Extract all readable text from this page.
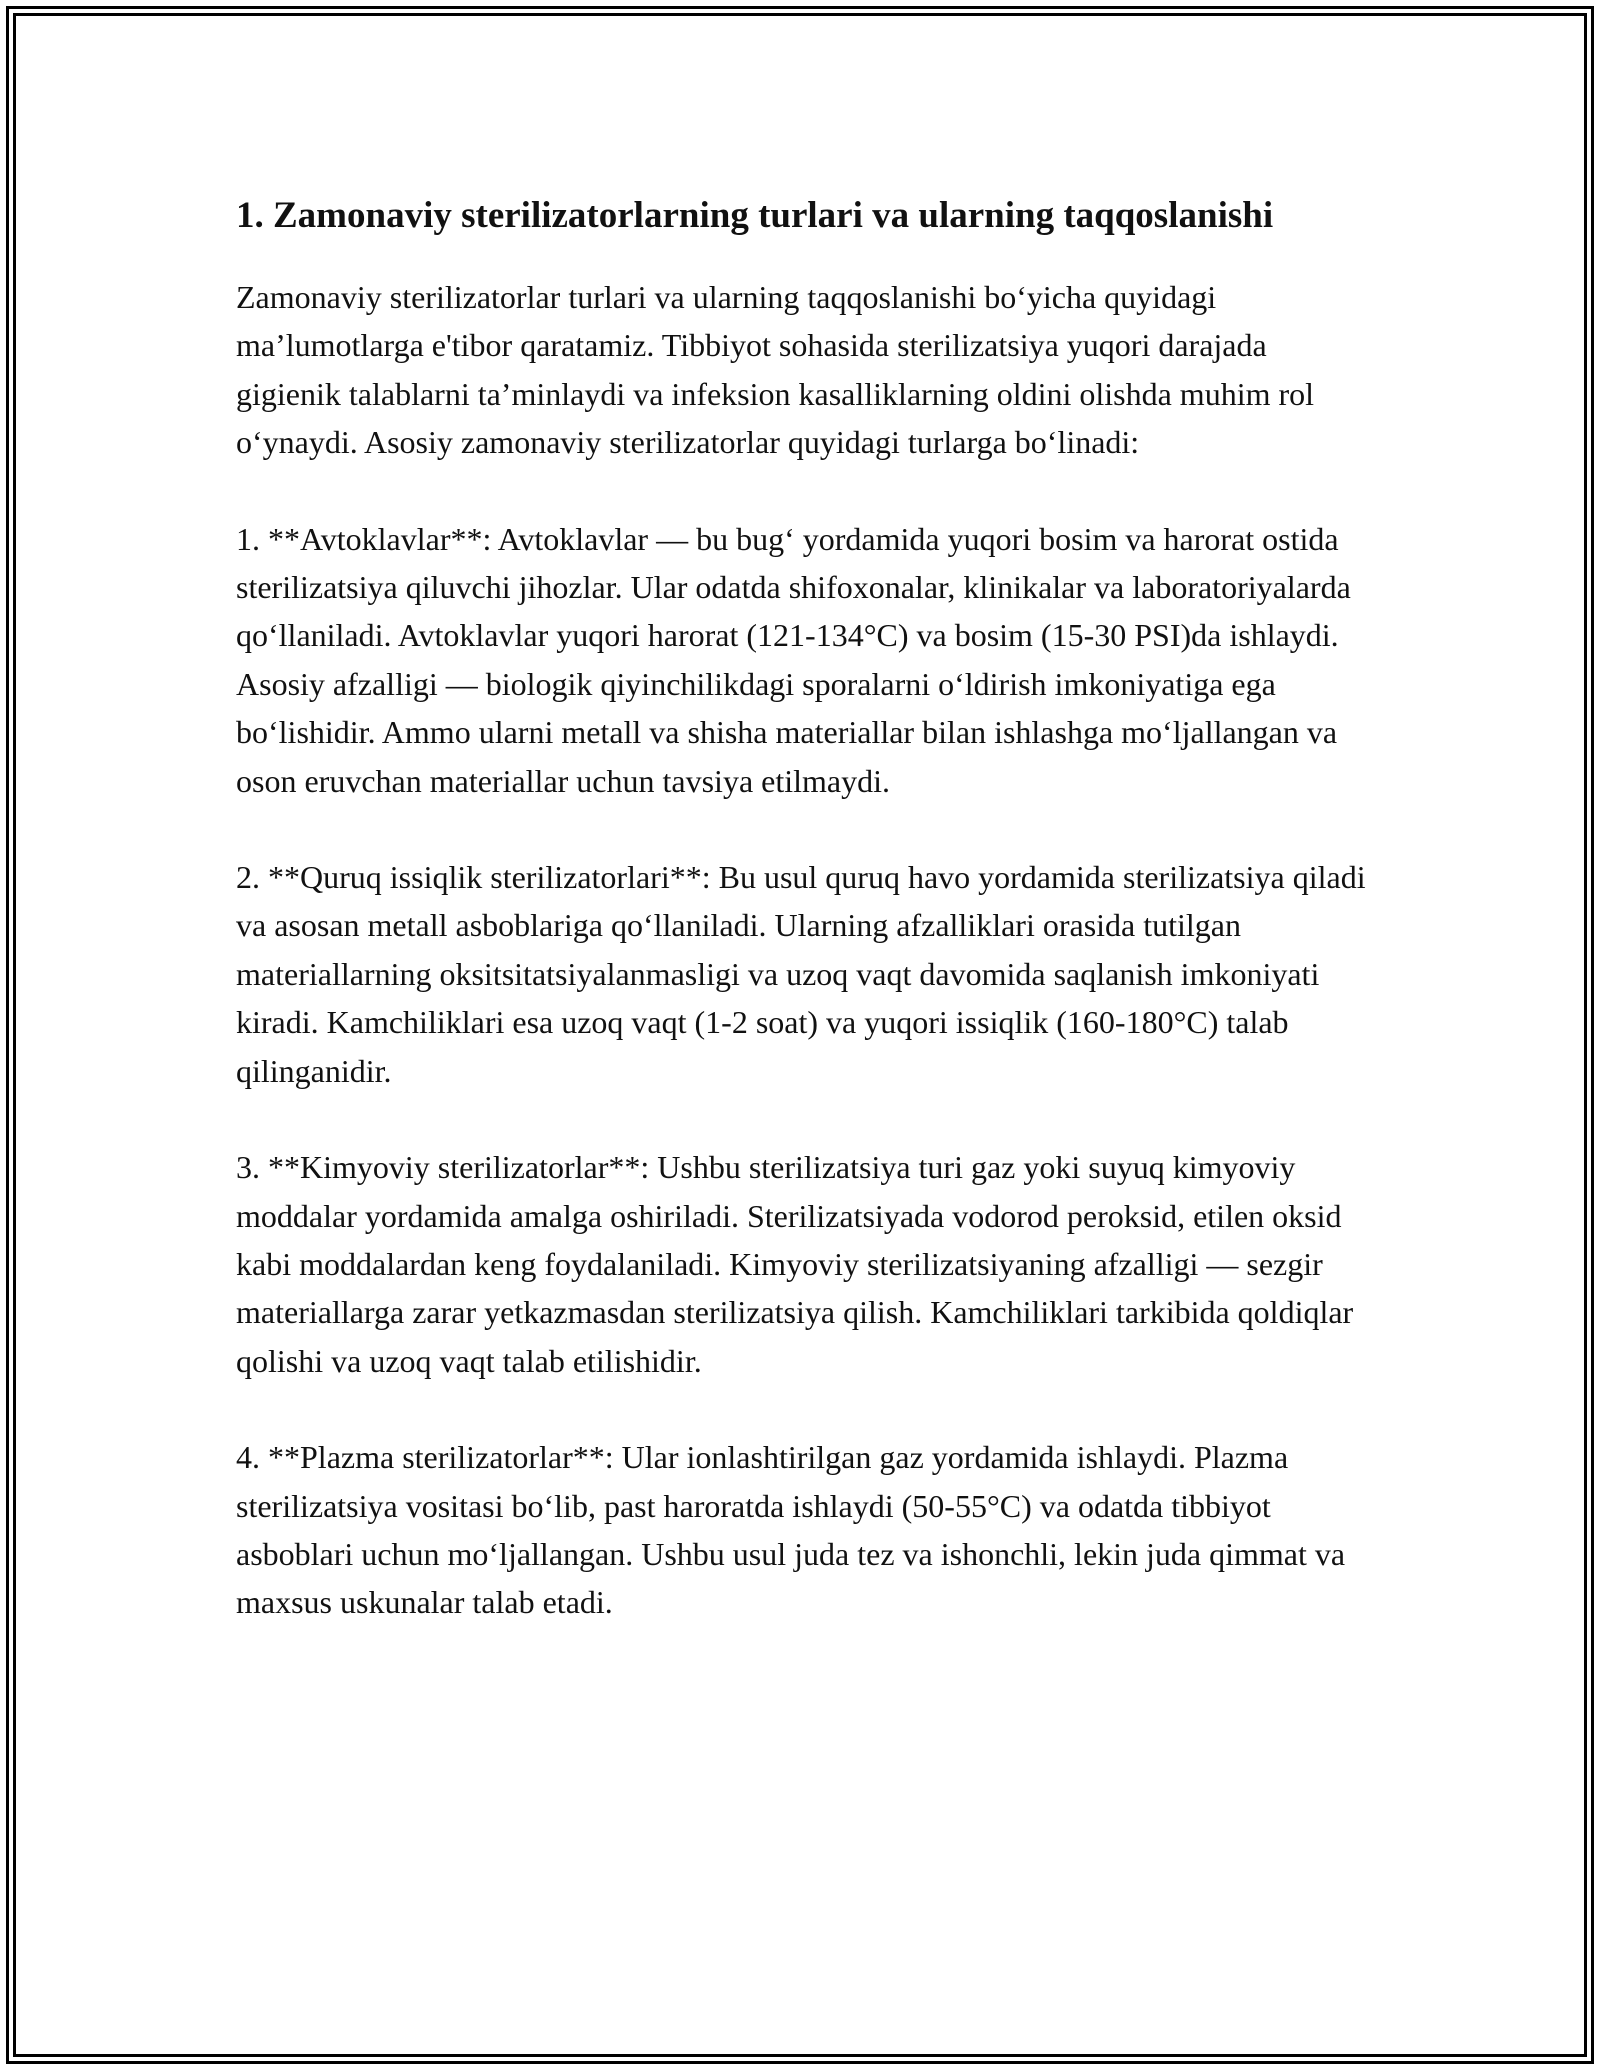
1. Zamonaviy sterilizatorlarning turlari va ularning taqqoslanishi

Zamonaviy sterilizatorlar turlari va ularning taqqoslanishi bo‘yicha quyidagi ma’lumotlarga e'tibor qaratamiz. Tibbiyot sohasida sterilizatsiya yuqori darajada gigienik talablarni ta’minlaydi va infeksion kasalliklarning oldini olishda muhim rol o‘ynaydi. Asosiy zamonaviy sterilizatorlar quyidagi turlarga bo‘linadi:

1. **Avtoklavlar**: Avtoklavlar — bu bug‘ yordamida yuqori bosim va harorat ostida sterilizatsiya qiluvchi jihozlar. Ular odatda shifoxonalar, klinikalar va laboratoriyalarda qo‘llaniladi. Avtoklavlar yuqori harorat (121-134°C) va bosim (15-30 PSI)da ishlaydi. Asosiy afzalligi — biologik qiyinchilikdagi sporalarni o‘ldirish imkoniyatiga ega bo‘lishidir. Ammo ularni metall va shisha materiallar bilan ishlashga mo‘ljallangan va oson eruvchan materiallar uchun tavsiya etilmaydi.

2. **Quruq issiqlik sterilizatorlari**: Bu usul quruq havo yordamida sterilizatsiya qiladi va asosan metall asboblariga qo‘llaniladi. Ularning afzalliklari orasida tutilgan materiallarning oksitsitatsiyalanmasligi va uzoq vaqt davomida saqlanish imkoniyati kiradi. Kamchiliklari esa uzoq vaqt (1-2 soat) va yuqori issiqlik (160-180°C) talab qilinganidir.

3. **Kimyoviy sterilizatorlar**: Ushbu sterilizatsiya turi gaz yoki suyuq kimyoviy moddalar yordamida amalga oshiriladi. Sterilizatsiyada vodorod peroksid, etilen oksid kabi moddalardan keng foydalaniladi. Kimyoviy sterilizatsiyaning afzalligi — sezgir materiallarga zarar yetkazmasdan sterilizatsiya qilish. Kamchiliklari tarkibida qoldiqlar qolishi va uzoq vaqt talab etilishidir.

4. **Plazma sterilizatorlar**: Ular ionlashtirilgan gaz yordamida ishlaydi. Plazma sterilizatsiya vositasi bo‘lib, past haroratda ishlaydi (50-55°C) va odatda tibbiyot asboblari uchun mo‘ljallangan. Ushbu usul juda tez va ishonchli, lekin juda qimmat va maxsus uskunalar talab etadi.
